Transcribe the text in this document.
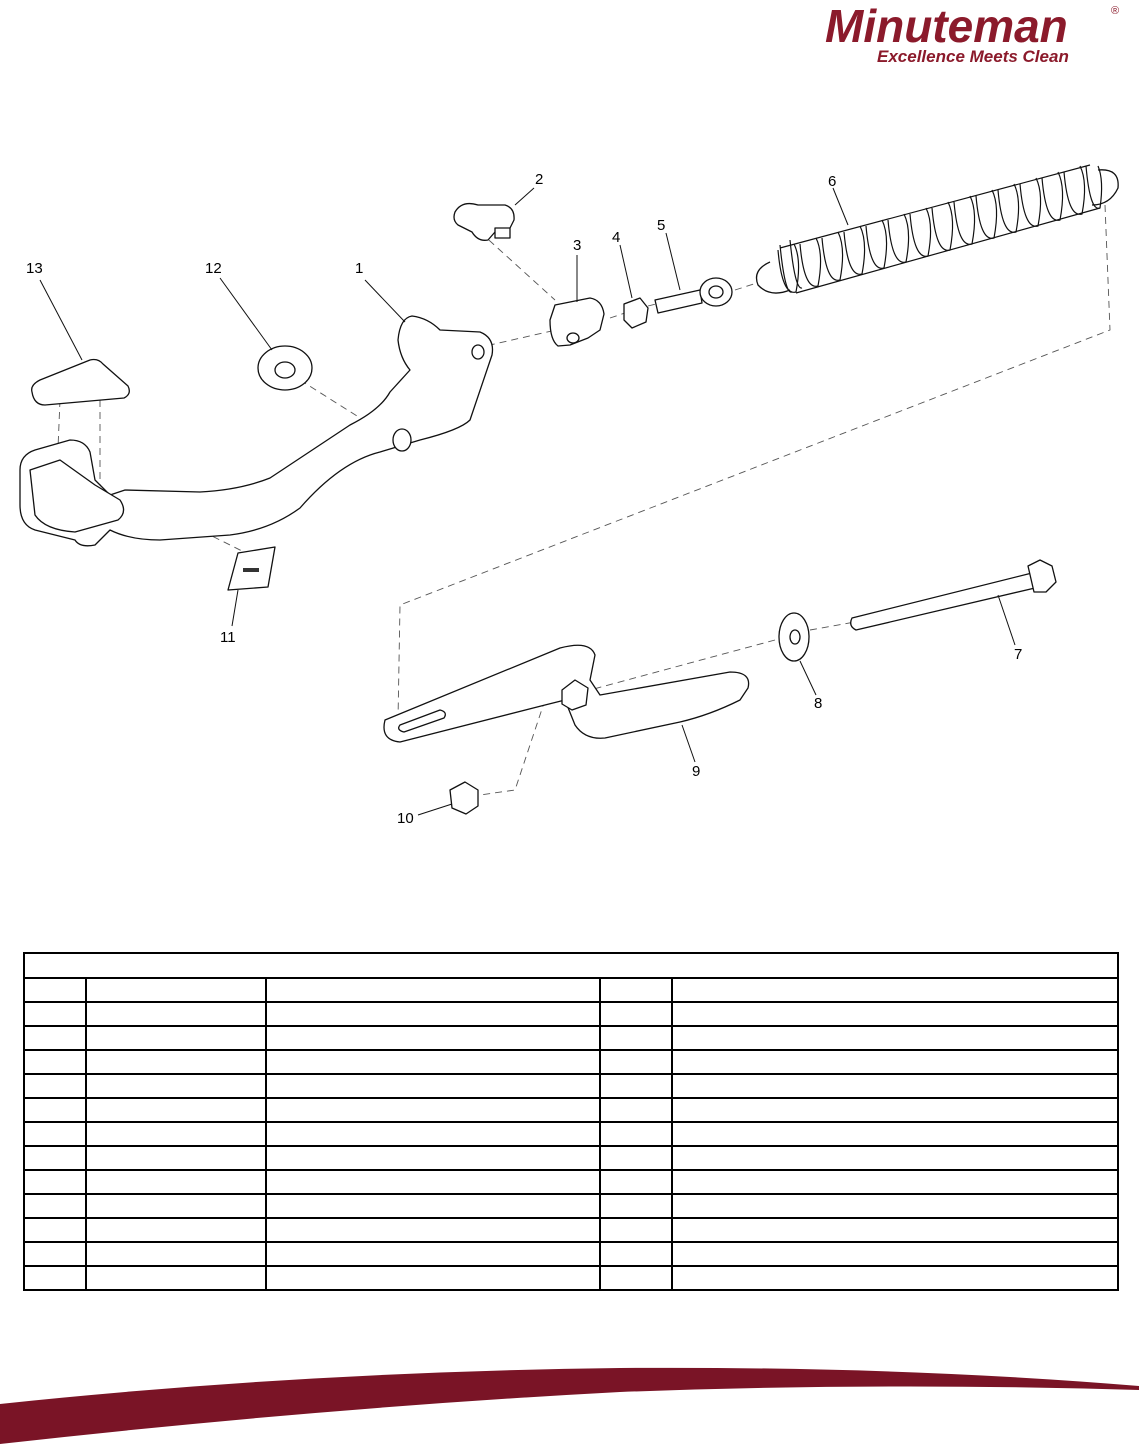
Minuteman	®
Excellence Meets Clean
1
2
3 4
5
6
7
8
9
10
11
12
13
